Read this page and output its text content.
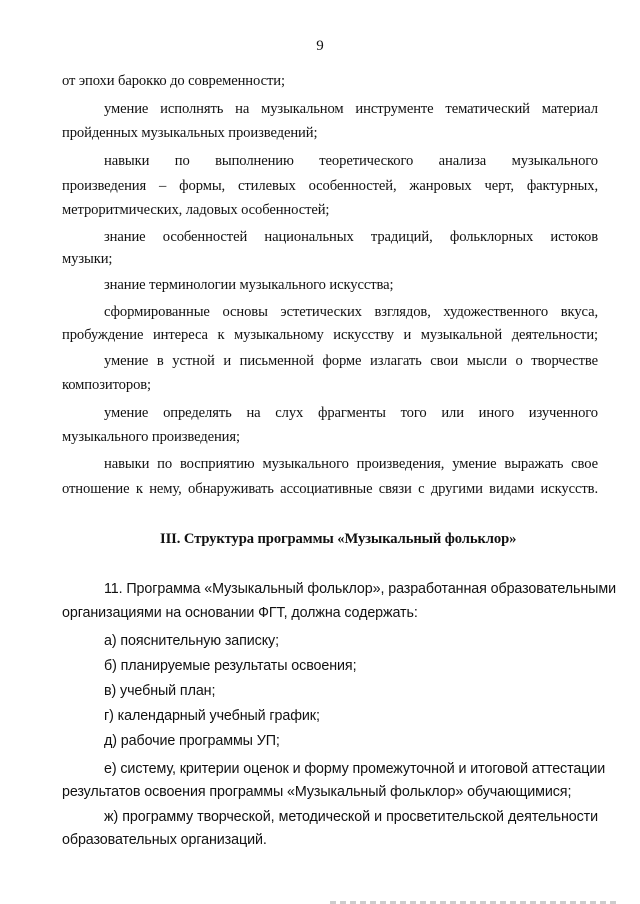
9
от эпохи барокко до современности;
умение исполнять на музыкальном инструменте тематический материал
пройденных музыкальных произведений;
навыки по выполнению теоретического анализа музыкального
произведения – формы, стилевых особенностей, жанровых черт, фактурных,
метроритмических, ладовых особенностей;
знание особенностей национальных традиций, фольклорных истоков
музыки;
знание терминологии музыкального искусства;
сформированные основы эстетических взглядов, художественного вкуса,
пробуждение интереса к музыкальному искусству и музыкальной деятельности;
умение в устной и письменной форме излагать свои мысли о творчестве
композиторов;
умение определять на слух фрагменты того или иного изученного
музыкального произведения;
навыки по восприятию музыкального произведения, умение выражать свое
отношение к нему, обнаруживать ассоциативные связи с другими видами искусств.
III. Структура программы «Музыкальный фольклор»
11. Программа «Музыкальный фольклор», разработанная образовательными
организациями на основании ФГТ, должна содержать:
а) пояснительную записку;
б) планируемые результаты освоения;
в) учебный план;
г) календарный учебный график;
д) рабочие программы УП;
е) систему, критерии оценок и форму промежуточной и итоговой аттестации
результатов освоения программы «Музыкальный фольклор» обучающимися;
ж) программу творческой, методической и просветительской деятельности
образовательных организаций.
